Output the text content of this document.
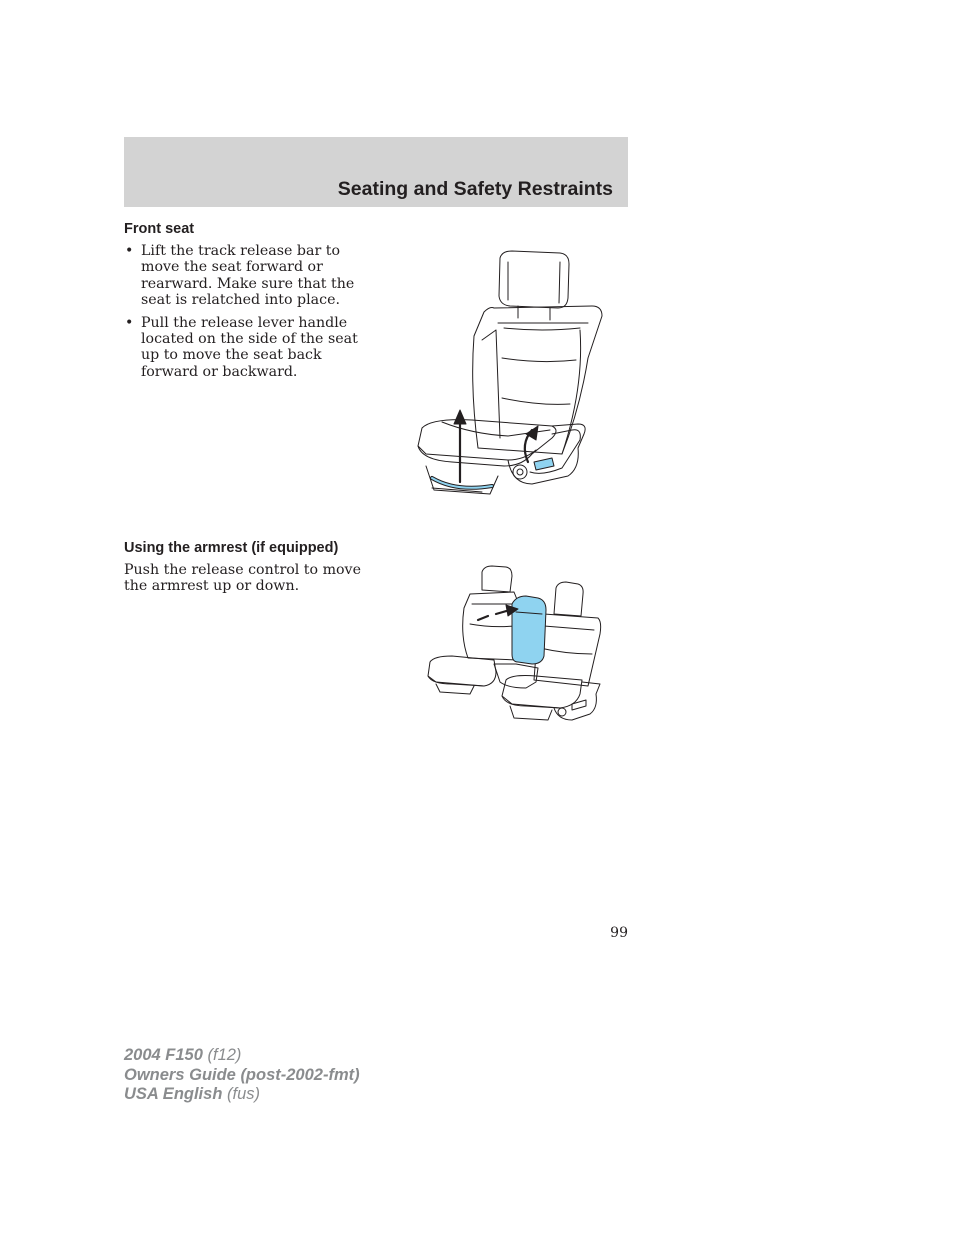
Seating and Safety Restraints
Front seat
• Lift the track release bar to move the seat forward or rearward. Make sure that the seat is relatched into place.
• Pull the release lever handle located on the side of the seat up to move the seat back forward or backward.
Using the armrest (if equipped)

Push the release control to move the armrest up or down.

99
2004 F150 (f12)
Owners Guide (post-2002-fmt)
USA English (fus)
